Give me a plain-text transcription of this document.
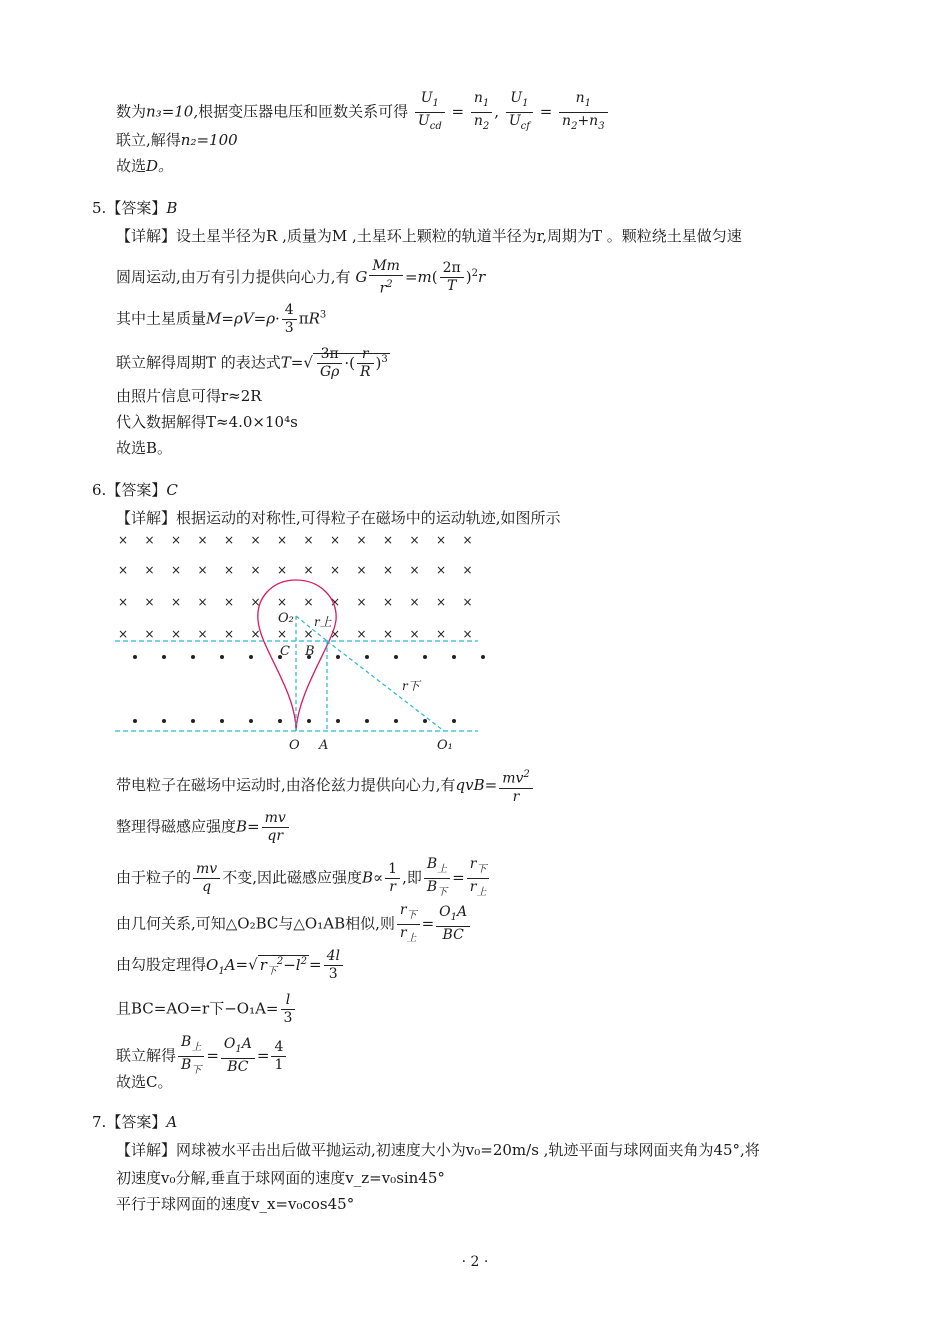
数为n₃=10,根据变压器电压和匝数关系可得 $\frac{U_1}{U_{cd}} = \frac{n_1}{n_2}$ , $\frac{U_1}{U_{cf}} = \frac{n_1}{n_2+n_3}$
联立,解得n₂=100
故选D。
5.【答案】B
【详解】设土星半径为R ,质量为M ,土星环上颗粒的轨道半径为r,周期为T 。颗粒绕土星做匀速
圆周运动,由万有引力提供向心力,有 G $\frac{Mm}{r^2} =m( \frac{2\pi}{T} )^2r$
其中土星质量$M=\rho V=\rho\cdot \frac{4}{3} \pi R^3$
联立解得周期T 的表达式$T=√ \frac{3\pi}{G\rho}$ ·( $\frac{r}{R} )^3$
由照片信息可得r≈2R
代入数据解得T≈4.0×10⁴s
故选B。
6.【答案】C
【详解】根据运动的对称性,可得粒子在磁场中的运动轨迹,如图所示
× × × × × × × × × × × × × ×
× × × × × × × × × × × × × ×
× × × × × × × × × × × × × ×
× × × × × × × × × × × × × ×
O₂ r上
C B
r下
O A	O₁
带电粒子在磁场中运动时,由洛伦兹力提供向心力,有$qvB= \frac{mv^2}{r}$
整理得磁感应强度$B= \frac{mv}{qr}$
由于粒子的 $\frac{mv}{q}$ 不变,因此磁感应强度$B\propto \frac{1}{r}$ ,即 $\frac{B_上}{B_下} = \frac{r_下}{r_上}$
由几何关系,可知△O₂BC与△O₁AB相似,则 $\frac{r_下}{r_上} = \frac{O_1A}{BC}$
由勾股定理得$O_1A=√$ $r_下^2-l^2 = \frac{4l}{3}$
且BC=AO=r下$-O_1A= \frac{l}{3}$
联立解得 $\frac{B_上}{B_下} = \frac{O_1A}{BC} = \frac{4}{1}$
故选C。
7.【答案】A
【详解】网球被水平击出后做平抛运动,初速度大小为v₀=20m/s ,轨迹平面与球网面夹角为45°,将
初速度v₀分解,垂直于球网面的速度v_z=v₀sin45°
平行于球网面的速度v_x=v₀cos45°
· 2 ·
